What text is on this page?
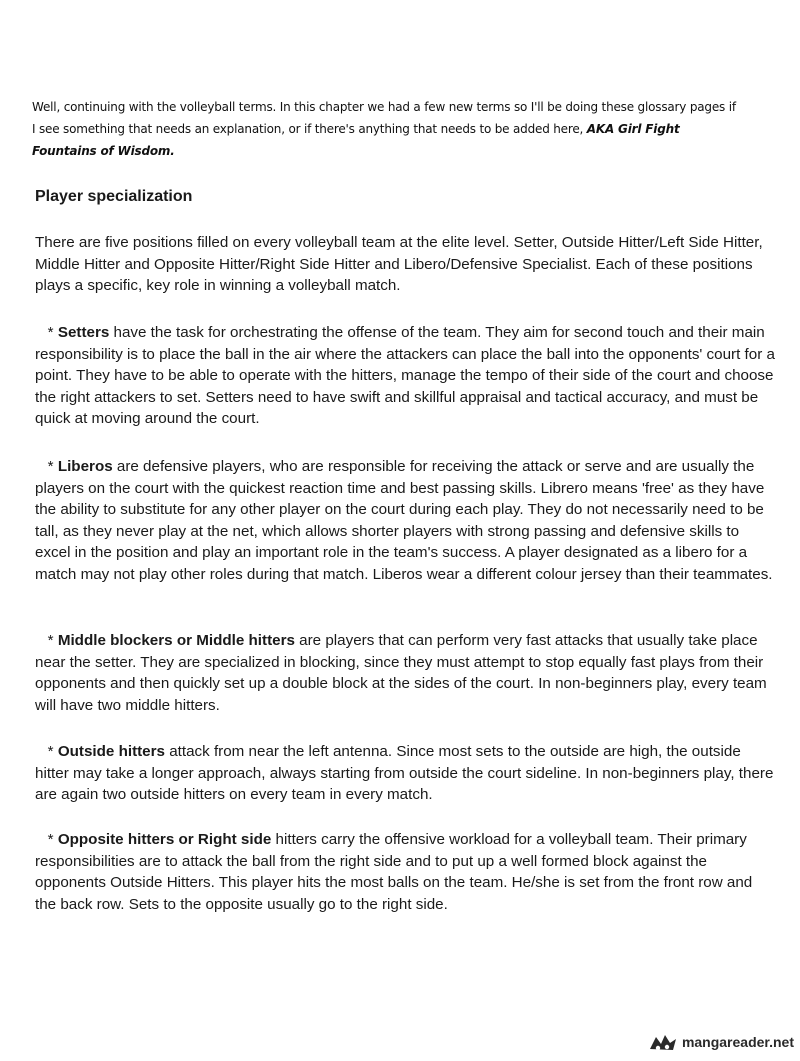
Well, continuing with the volleyball terms. In this chapter we had a few new terms so I'll be doing these glossary pages if I see something that needs an explanation, or if there's anything that needs to be added here, AKA Girl Fight Fountains of Wisdom.
Player specialization

There are five positions filled on every volleyball team at the elite level. Setter, Outside Hitter/Left Side Hitter, Middle Hitter and Opposite Hitter/Right Side Hitter and Libero/Defensive Specialist. Each of these positions plays a specific, key role in winning a volleyball match.

* Setters have the task for orchestrating the offense of the team. They aim for second touch and their main responsibility is to place the ball in the air where the attackers can place the ball into the opponents' court for a point. They have to be able to operate with the hitters, manage the tempo of their side of the court and choose the right attackers to set. Setters need to have swift and skillful appraisal and tactical accuracy, and must be quick at moving around the court.

* Liberos are defensive players, who are responsible for receiving the attack or serve and are usually the players on the court with the quickest reaction time and best passing skills. Librero means 'free' as they have the ability to substitute for any other player on the court during each play. They do not necessarily need to be tall, as they never play at the net, which allows shorter players with strong passing and defensive skills to excel in the position and play an important role in the team's success. A player designated as a libero for a match may not play other roles during that match. Liberos wear a different colour jersey than their teammates.

* Middle blockers or Middle hitters are players that can perform very fast attacks that usually take place near the setter. They are specialized in blocking, since they must attempt to stop equally fast plays from their opponents and then quickly set up a double block at the sides of the court. In non-beginners play, every team will have two middle hitters.

* Outside hitters attack from near the left antenna. Since most sets to the outside are high, the outside hitter may take a longer approach, always starting from outside the court sideline. In non-beginners play, there are again two outside hitters on every team in every match.

* Opposite hitters or Right side hitters carry the offensive workload for a volleyball team. Their primary responsibilities are to attack the ball from the right side and to put up a well formed block against the opponents Outside Hitters. This player hits the most balls on the team. He/she is set from the front row and the back row. Sets to the opposite usually go to the right side.

mangareader.net
